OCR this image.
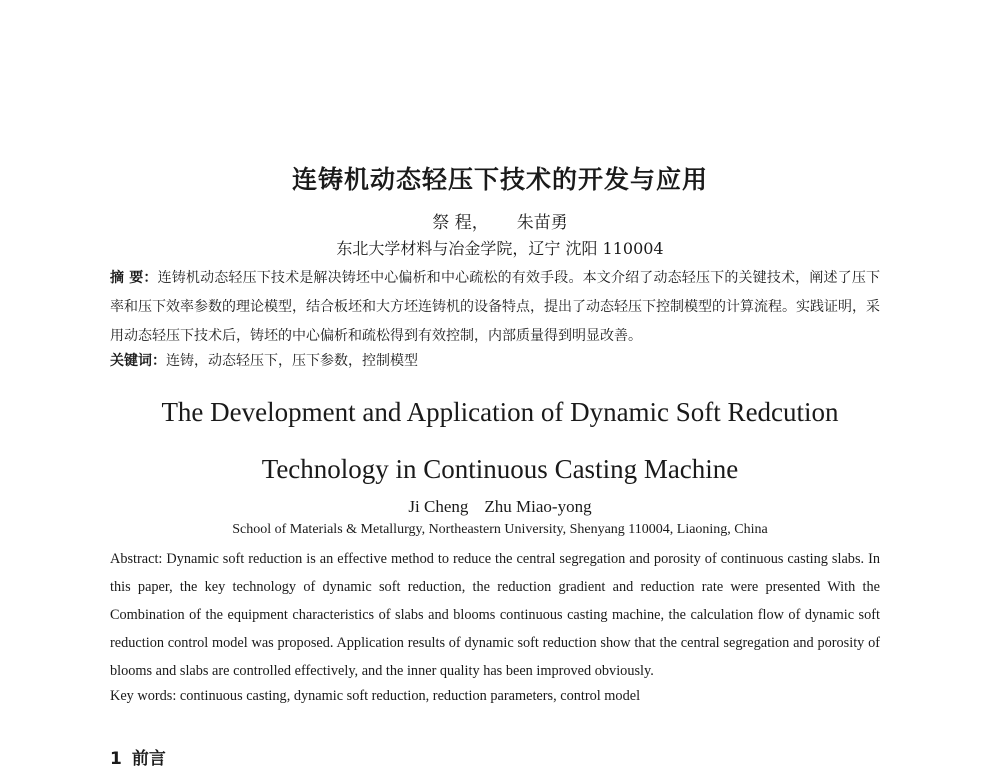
连铸机动态轻压下技术的开发与应用
祭 程， 朱苗勇
东北大学材料与冶金学院，辽宁 沈阳 110004
摘 要：连铸机动态轻压下技术是解决铸坯中心偏析和中心疏松的有效手段。本文介绍了动态轻压下的关键技术，阐述了压下率和压下效率参数的理论模型，结合板坯和大方坯连铸机的设备特点，提出了动态轻压下控制模型的计算流程。实践证明，采用动态轻压下技术后，铸坯的中心偏析和疏松得到有效控制，内部质量得到明显改善。
关键词：连铸，动态轻压下，压下参数，控制模型
The Development and Application of Dynamic Soft Redcution
Technology in Continuous Casting Machine
Ji Cheng Zhu Miao-yong
School of Materials & Metallurgy, Northeastern University, Shenyang 110004, Liaoning, China
Abstract: Dynamic soft reduction is an effective method to reduce the central segregation and porosity of continuous casting slabs. In this paper, the key technology of dynamic soft reduction, the reduction gradient and reduction rate were presented With the Combination of the equipment characteristics of slabs and blooms continuous casting machine, the calculation flow of dynamic soft reduction control model was proposed. Application results of dynamic soft reduction show that the central segregation and porosity of blooms and slabs are controlled effectively, and the inner quality has been improved obviously.
Key words: continuous casting, dynamic soft reduction, reduction parameters, control model
1 前言
